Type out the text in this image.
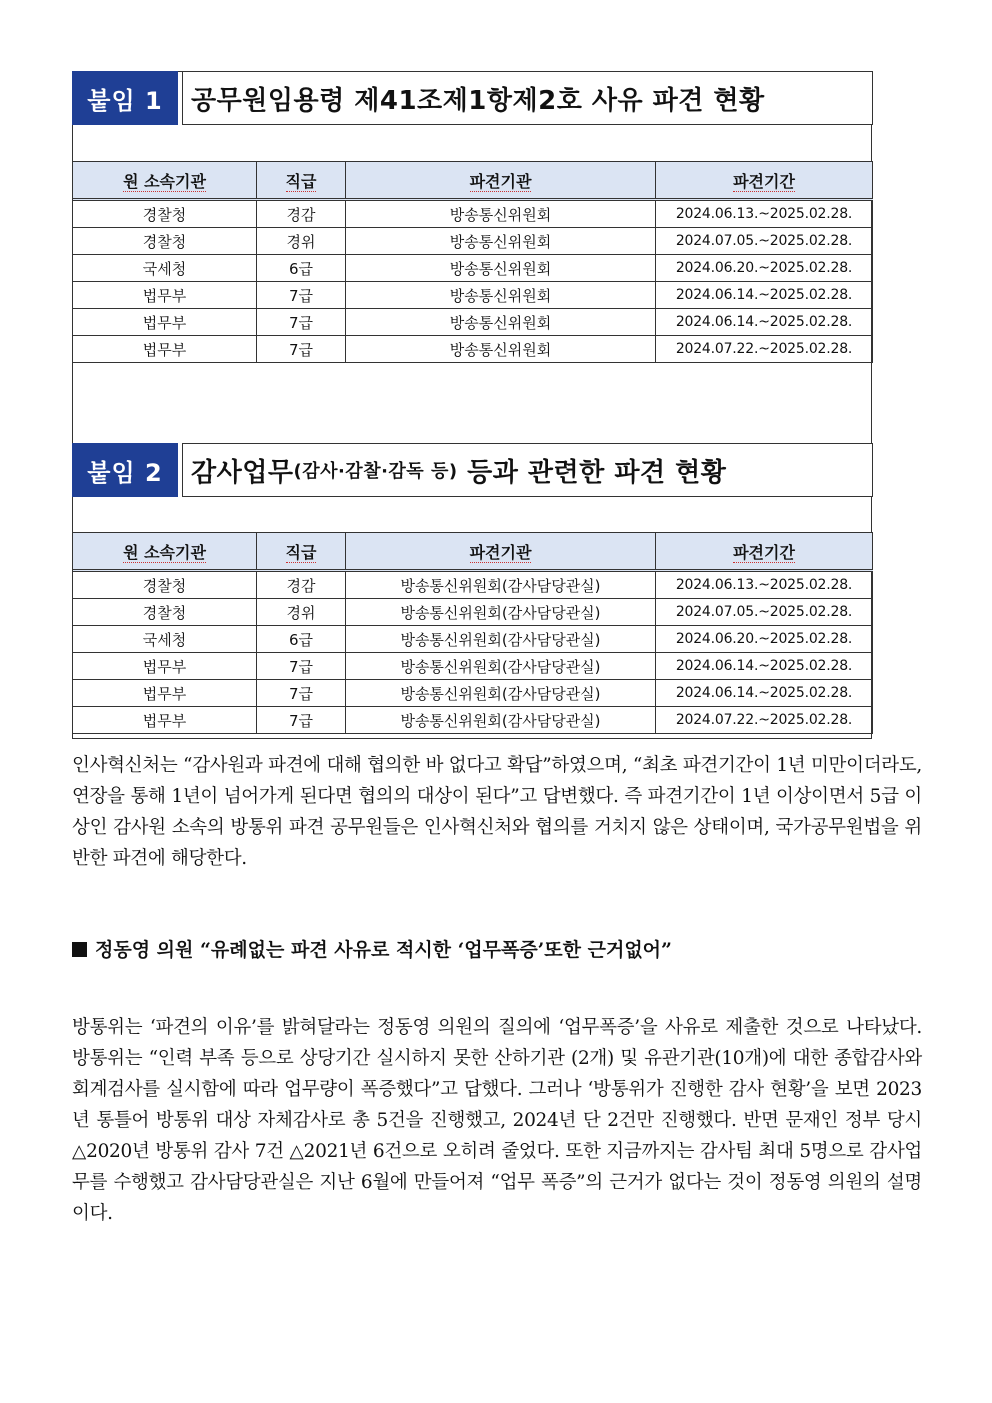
붙임 1	공무원임용령 제41조제1항제2호 사유 파견 현황
원 소속기관	직급	파견기관	파견기간
경찰청	경감	방송통신위원회	2024.06.13.~2025.02.28.
경찰청	경위	방송통신위원회	2024.07.05.~2025.02.28.
국세청	6급	방송통신위원회	2024.06.20.~2025.02.28.
법무부	7급	방송통신위원회	2024.06.14.~2025.02.28.
법무부	7급	방송통신위원회	2024.06.14.~2025.02.28.
법무부	7급	방송통신위원회	2024.07.22.~2025.02.28.
붙임 2	감사업무 (감사·감찰·감독 등) 등과 관련한 파견 현황
원 소속기관	직급	파견기관	파견기간
경찰청	경감	방송통신위원회(감사담당관실)	2024.06.13.~2025.02.28.
경찰청	경위	방송통신위원회(감사담당관실)	2024.07.05.~2025.02.28.
국세청	6급	방송통신위원회(감사담당관실)	2024.06.20.~2025.02.28.
법무부	7급	방송통신위원회(감사담당관실)	2024.06.14.~2025.02.28.
법무부	7급	방송통신위원회(감사담당관실)	2024.06.14.~2025.02.28.
법무부	7급	방송통신위원회(감사담당관실)	2024.07.22.~2025.02.28.
인사혁신처는 “감사원과 파견에 대해 협의한 바 없다고 확답”하였으며, “최초 파견기간이 1년 미만이더라도, 연장을 통해 1년이 넘어가게 된다면 협의의 대상이 된다”고 답변했다. 즉 파견기간이 1년 이상이면서 5급 이상인 감사원 소속의 방통위 파견 공무원들은 인사혁신처와 협의를 거치지 않은 상태이며, 국가공무원법을 위반한 파견에 해당한다.
정동영 의원 “유례없는 파견 사유로 적시한 ‘업무폭증’또한 근거없어”
방통위는 ‘파견의 이유’를 밝혀달라는 정동영 의원의 질의에 ‘업무폭증’을 사유로 제출한 것으로 나타났다. 방통위는 “인력 부족 등으로 상당기간 실시하지 못한 산하기관 (2개) 및 유관기관(10개)에 대한 종합감사와 회계검사를 실시함에 따라 업무량이 폭증했다”고 답했다. 그러나 ‘방통위가 진행한 감사 현황’을 보면 2023년 통틀어 방통위 대상 자체감사로 총 5건을 진행했고, 2024년 단 2건만 진행했다. 반면 문재인 정부 당시 △2020년 방통위 감사 7건 △2021년 6건으로 오히려 줄었다. 또한 지금까지는 감사팀 최대 5명으로 감사업무를 수행했고 감사담당관실은 지난 6월에 만들어져 “업무 폭증”의 근거가 없다는 것이 정동영 의원의 설명이다.
